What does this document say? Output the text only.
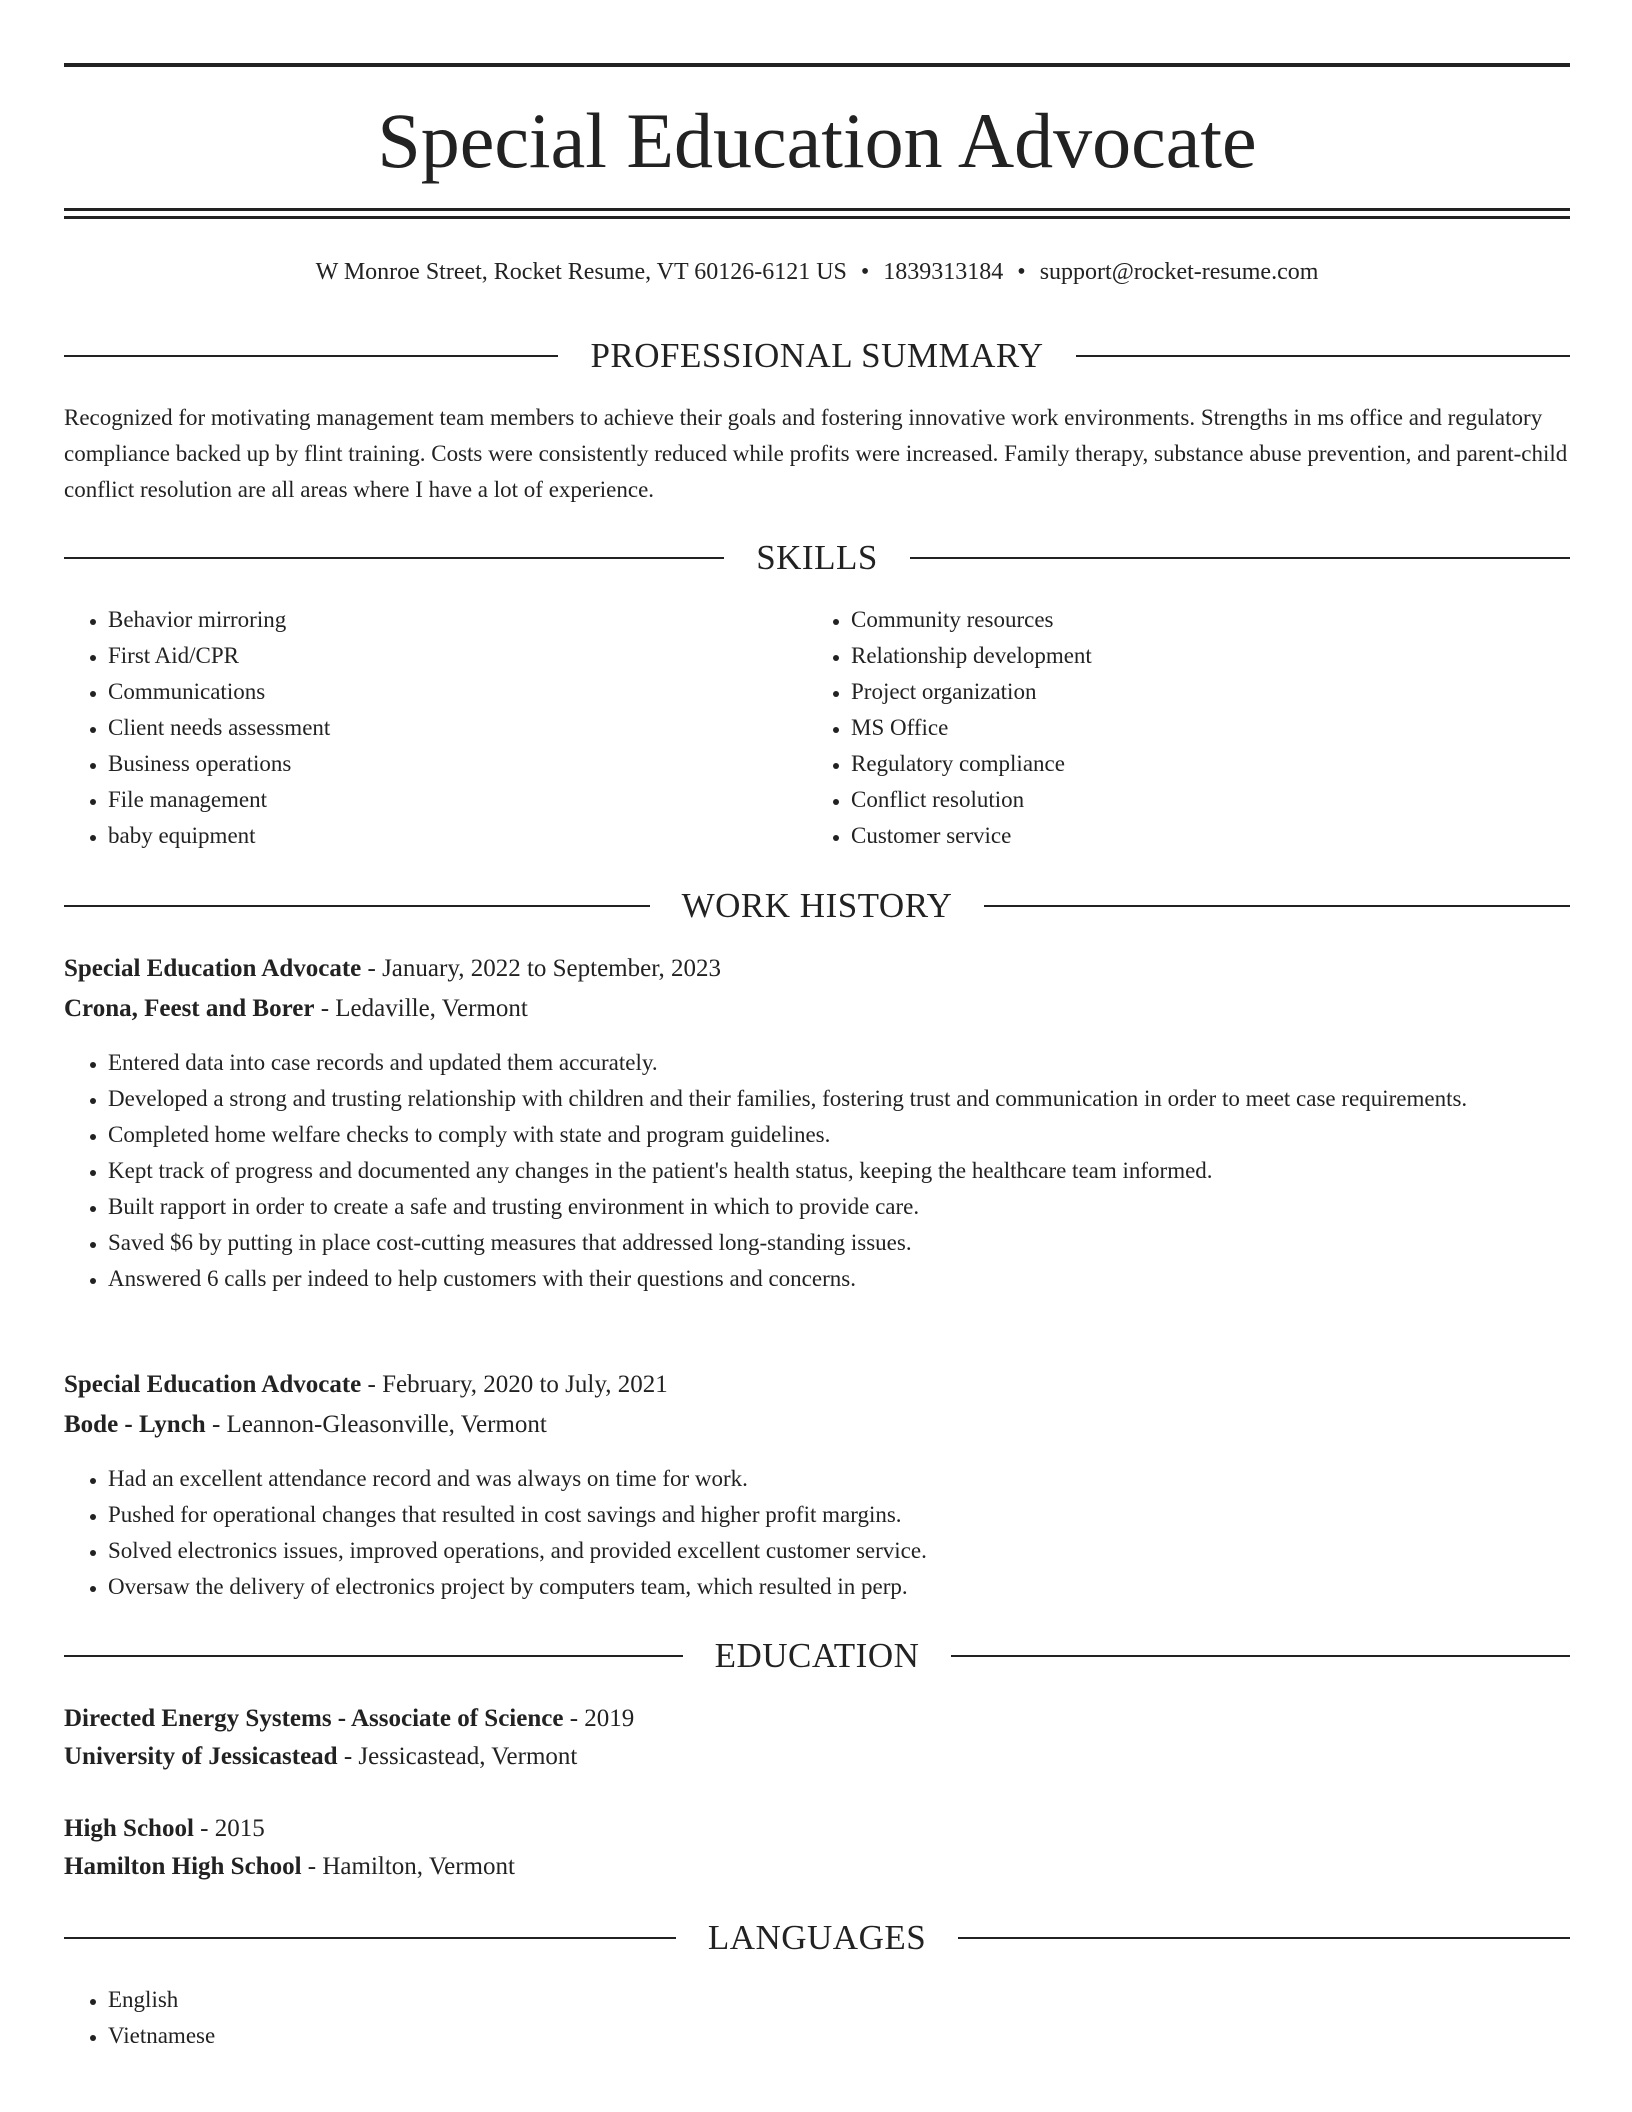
Special Education Advocate
W Monroe Street, Rocket Resume, VT 60126-6121 US • 1839313184 • support@rocket-resume.com
PROFESSIONAL SUMMARY

Recognized for motivating management team members to achieve their goals and fostering innovative work environments. Strengths in ms office and regulatory compliance backed up by flint training. Costs were consistently reduced while profits were increased. Family therapy, substance abuse prevention, and parent-child conflict resolution are all areas where I have a lot of experience.

SKILLS
• Behavior mirroring
• First Aid/CPR
• Communications
• Client needs assessment
• Business operations
• File management
• baby equipment
• Community resources
• Relationship development
• Project organization
• MS Office
• Regulatory compliance
• Conflict resolution
• Customer service
WORK HISTORY
Special Education Advocate - January, 2022 to September, 2023
Crona, Feest and Borer - Ledaville, Vermont
• Entered data into case records and updated them accurately.
• Developed a strong and trusting relationship with children and their families, fostering trust and communication in order to meet case requirements.
• Completed home welfare checks to comply with state and program guidelines.
• Kept track of progress and documented any changes in the patient's health status, keeping the healthcare team informed.
• Built rapport in order to create a safe and trusting environment in which to provide care.
• Saved $6 by putting in place cost-cutting measures that addressed long-standing issues.
• Answered 6 calls per indeed to help customers with their questions and concerns.
Special Education Advocate - February, 2020 to July, 2021
Bode - Lynch - Leannon-Gleasonville, Vermont
• Had an excellent attendance record and was always on time for work.
• Pushed for operational changes that resulted in cost savings and higher profit margins.
• Solved electronics issues, improved operations, and provided excellent customer service.
• Oversaw the delivery of electronics project by computers team, which resulted in perp.
EDUCATION
Directed Energy Systems - Associate of Science - 2019
University of Jessicastead - Jessicastead, Vermont
High School - 2015
Hamilton High School - Hamilton, Vermont
LANGUAGES
• English
• Vietnamese
